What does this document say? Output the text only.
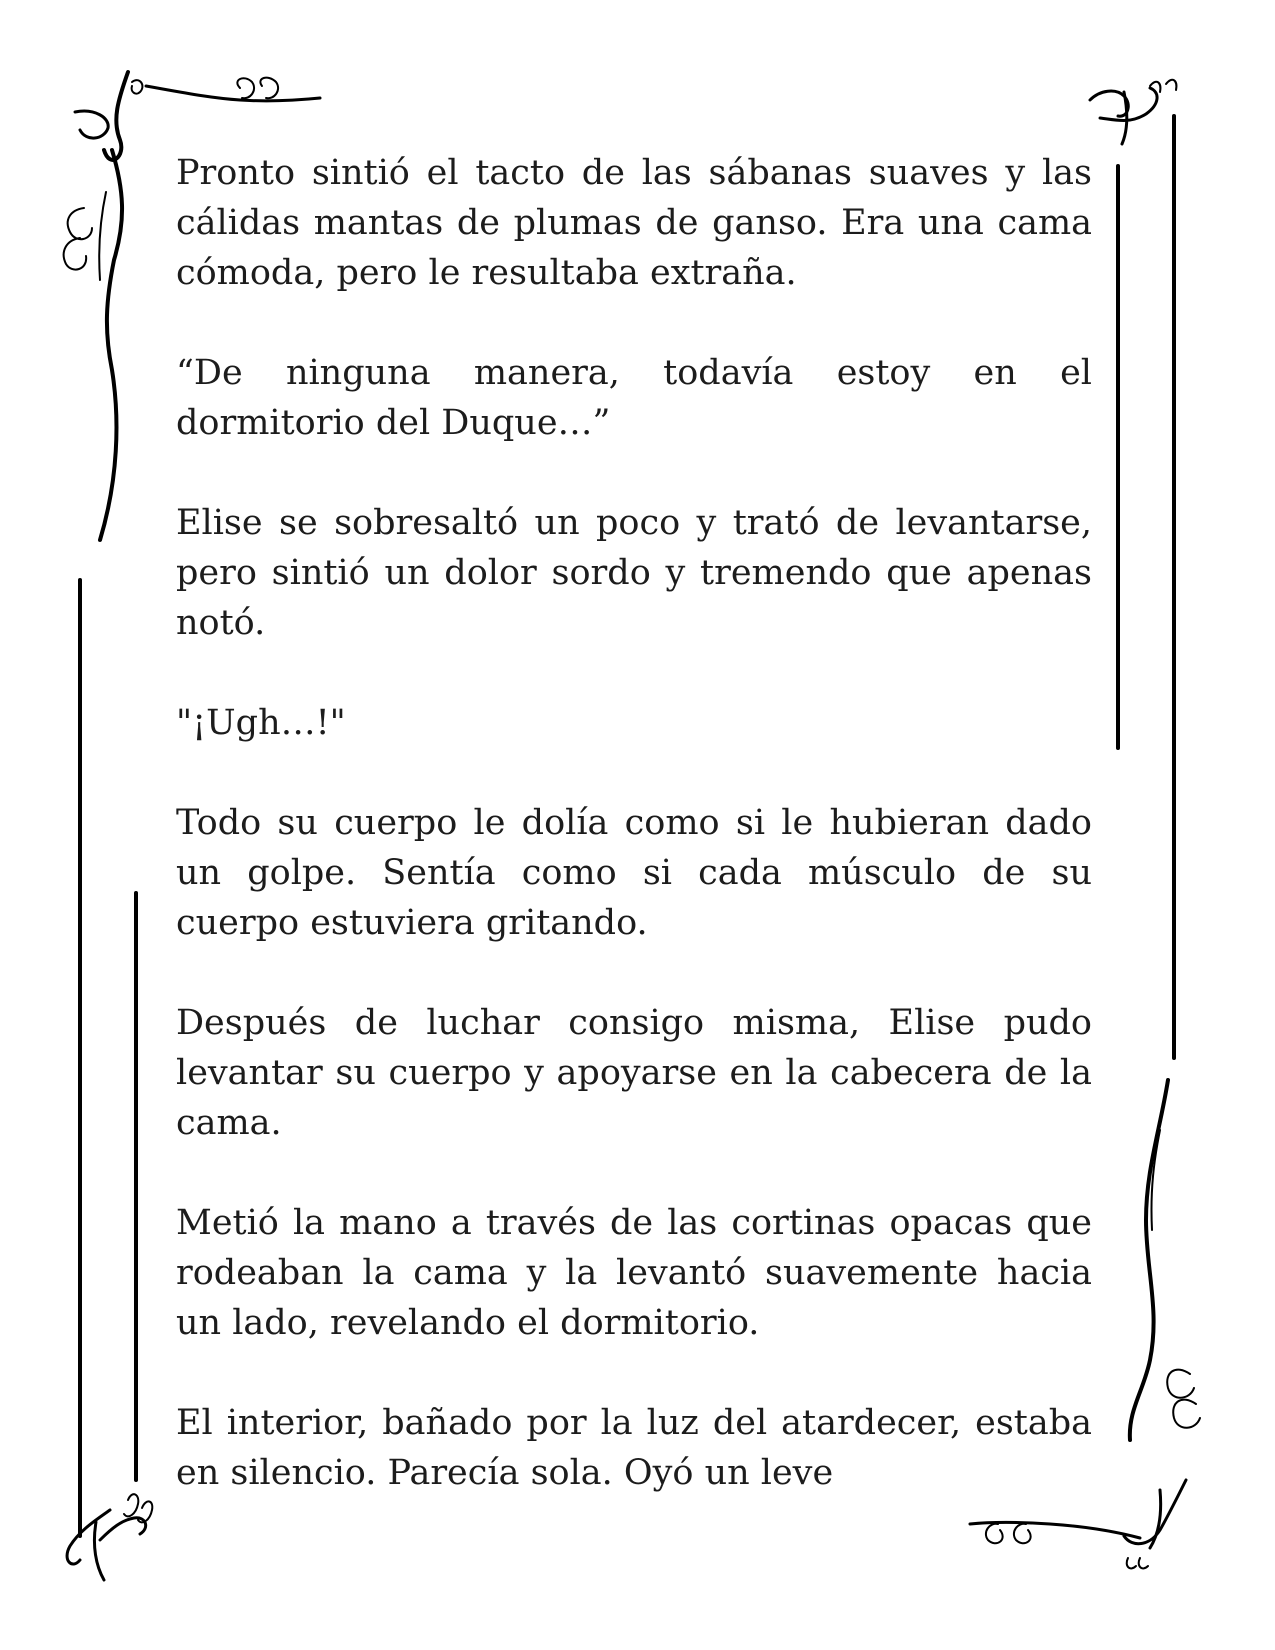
Pronto sintió el tacto de las sábanas suaves y las cálidas mantas de plumas de ganso. Era una cama cómoda, pero le resultaba extraña.

“De ninguna manera, todavía estoy en el dormitorio del Duque…”

Elise se sobresaltó un poco y trató de levantarse, pero sintió un dolor sordo y tremendo que apenas notó.

"¡Ugh…!"

Todo su cuerpo le dolía como si le hubieran dado un golpe. Sentía como si cada músculo de su cuerpo estuviera gritando.

Después de luchar consigo misma, Elise pudo levantar su cuerpo y apoyarse en la cabecera de la cama.

Metió la mano a través de las cortinas opacas que rodeaban la cama y la levantó suavemente hacia un lado, revelando el dormitorio.

El interior, bañado por la luz del atardecer, estaba en silencio. Parecía sola. Oyó un leve
